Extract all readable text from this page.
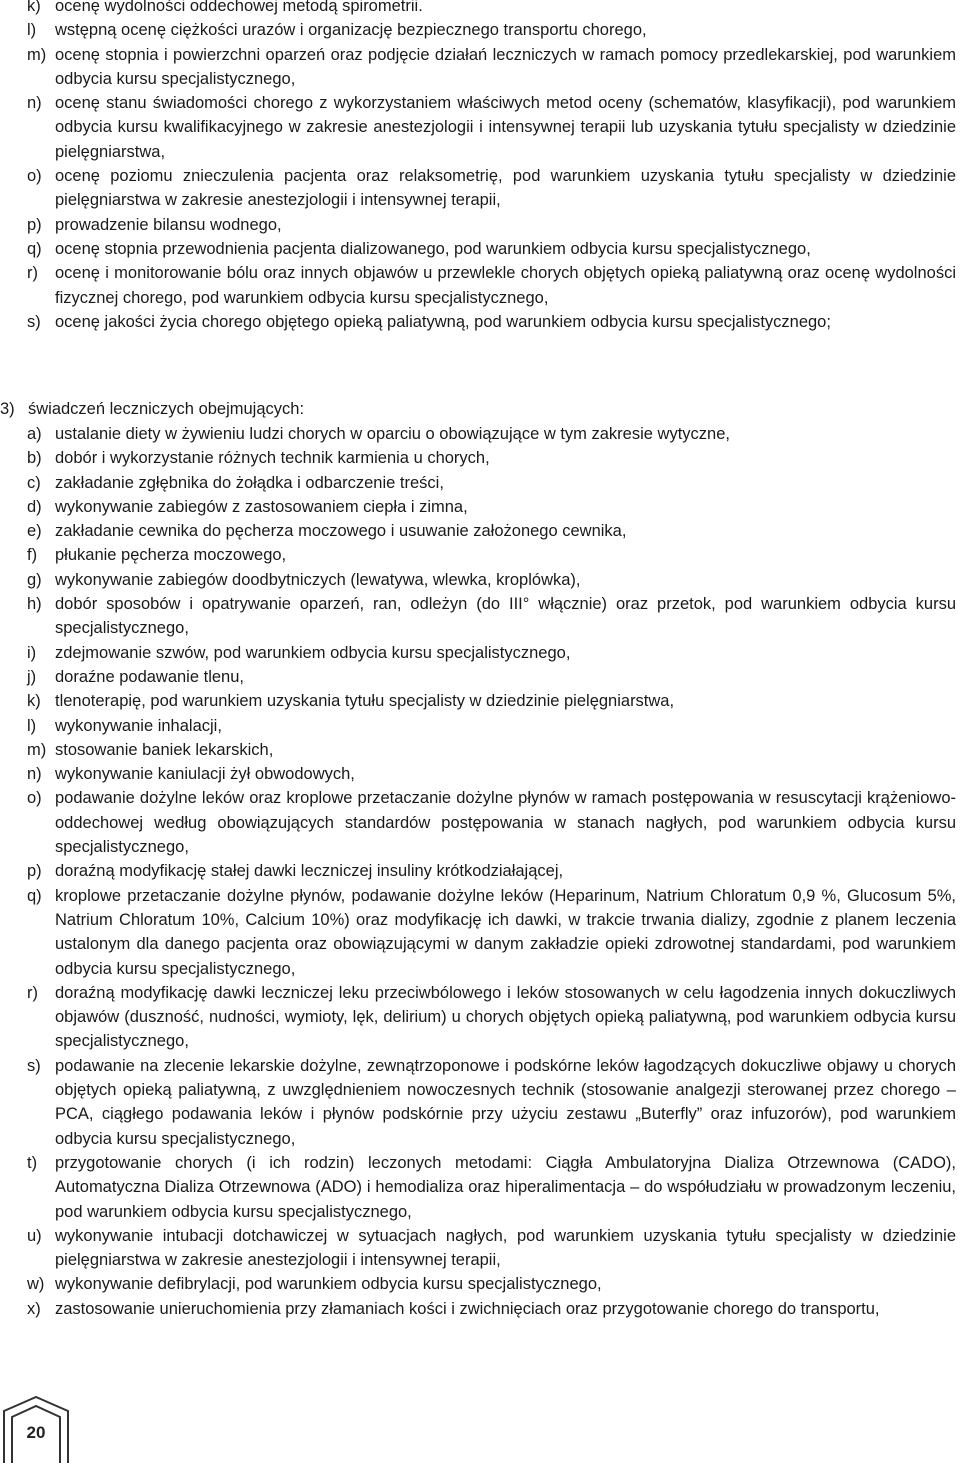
k) ocenę wydolności oddechowej metodą spirometrii.
l)	wstępną ocenę ciężkości urazów i organizację bezpiecznego transportu chorego,
m) ocenę stopnia i powierzchni oparzeń oraz podjęcie działań leczniczych w ramach pomocy przedlekarskiej, pod warunkiem odbycia kursu specjalistycznego,
n) ocenę stanu świadomości chorego z wykorzystaniem właściwych metod oceny (schematów, klasyfikacji), pod warunkiem odbycia kursu kwalifikacyjnego w zakresie anestezjologii i intensywnej terapii lub uzyskania tytułu specjalisty w dziedzinie pielęgniarstwa,
o) ocenę poziomu znieczulenia pacjenta oraz relaksometrię, pod warunkiem uzyskania tytułu specjalisty w dziedzinie pielęgniarstwa w zakresie anestezjologii i intensywnej terapii,
p) prowadzenie bilansu wodnego,
q) ocenę stopnia przewodnienia pacjenta dializowanego, pod warunkiem odbycia kursu specjalistycznego,
r)	ocenę i monitorowanie bólu oraz innych objawów u przewlekle chorych objętych opieką paliatywną oraz ocenę wydolności fizycznej chorego, pod warunkiem odbycia kursu specjalistycznego,
s) ocenę jakości życia chorego objętego opieką paliatywną, pod warunkiem odbycia kursu specjalistycznego;
3) świadczeń leczniczych obejmujących:
a) ustalanie diety w żywieniu ludzi chorych w oparciu o obowiązujące w tym zakresie wytyczne,
b) dobór i wykorzystanie różnych technik karmienia u chorych,
c) zakładanie zgłębnika do żołądka i odbarczenie treści,
d) wykonywanie zabiegów z zastosowaniem ciepła i zimna,
e) zakładanie cewnika do pęcherza moczowego i usuwanie założonego cewnika,
f)	płukanie pęcherza moczowego,
g) wykonywanie zabiegów doodbytniczych (lewatywa, wlewka, kroplówka),
h) dobór sposobów i opatrywanie oparzeń, ran, odleżyn (do III° włącznie) oraz przetok, pod warunkiem odbycia kursu specjalistycznego,
i)	zdejmowanie szwów, pod warunkiem odbycia kursu specjalistycznego,
j)	doraźne podawanie tlenu,
k) tlenoterapię, pod warunkiem uzyskania tytułu specjalisty w dziedzinie pielęgniarstwa,
l)	wykonywanie inhalacji,
m) stosowanie baniek lekarskich,
n) wykonywanie kaniulacji żył obwodowych,
o) podawanie dożylne leków oraz kroplowe przetaczanie dożylne płynów w ramach postępowania w resuscytacji krążeniowo-oddechowej według obowiązujących standardów postępowania w stanach nagłych, pod warunkiem odbycia kursu specjalistycznego,
p) doraźną modyfikację stałej dawki leczniczej insuliny krótkodziałającej,
q) kroplowe przetaczanie dożylne płynów, podawanie dożylne leków (Heparinum, Natrium Chloratum 0,9 %, Glucosum 5%, Natrium Chloratum 10%, Calcium 10%) oraz modyfikację ich dawki, w trakcie trwania dializy, zgodnie z planem leczenia ustalonym dla danego pacjenta oraz obowiązującymi w danym zakładzie opieki zdrowotnej standardami, pod warunkiem odbycia kursu specjalistycznego,
r)	doraźną modyfikację dawki leczniczej leku przeciwbólowego i leków stosowanych w celu łagodzenia innych dokuczliwych objawów (duszność, nudności, wymioty, lęk, delirium) u chorych objętych opieką paliatywną, pod warunkiem odbycia kursu specjalistycznego,
s) podawanie na zlecenie lekarskie dożylne, zewnątrzoponowe i podskórne leków łagodzących dokuczliwe objawy u chorych objętych opieką paliatywną, z uwzględnieniem nowoczesnych technik (stosowanie analgezji sterowanej przez chorego – PCA, ciągłego podawania leków i płynów podskórnie przy użyciu zestawu „Buterfly” oraz infuzorów), pod warunkiem odbycia kursu specjalistycznego,
t)	przygotowanie chorych (i ich rodzin) leczonych metodami: Ciągła Ambulatoryjna Dializa Otrzewnowa (CADO), Automatyczna Dializa Otrzewnowa (ADO) i hemodializa oraz hiperalimentacja – do współudziału w prowadzonym leczeniu, pod warunkiem odbycia kursu specjalistycznego,
u) wykonywanie intubacji dotchawiczej w sytuacjach nagłych, pod warunkiem uzyskania tytułu specjalisty w dziedzinie pielęgniarstwa w zakresie anestezjologii i intensywnej terapii,
w) wykonywanie defibrylacji, pod warunkiem odbycia kursu specjalistycznego,
x) zastosowanie unieruchomienia przy złamaniach kości i zwichnięciach oraz przygotowanie chorego do transportu,
20
